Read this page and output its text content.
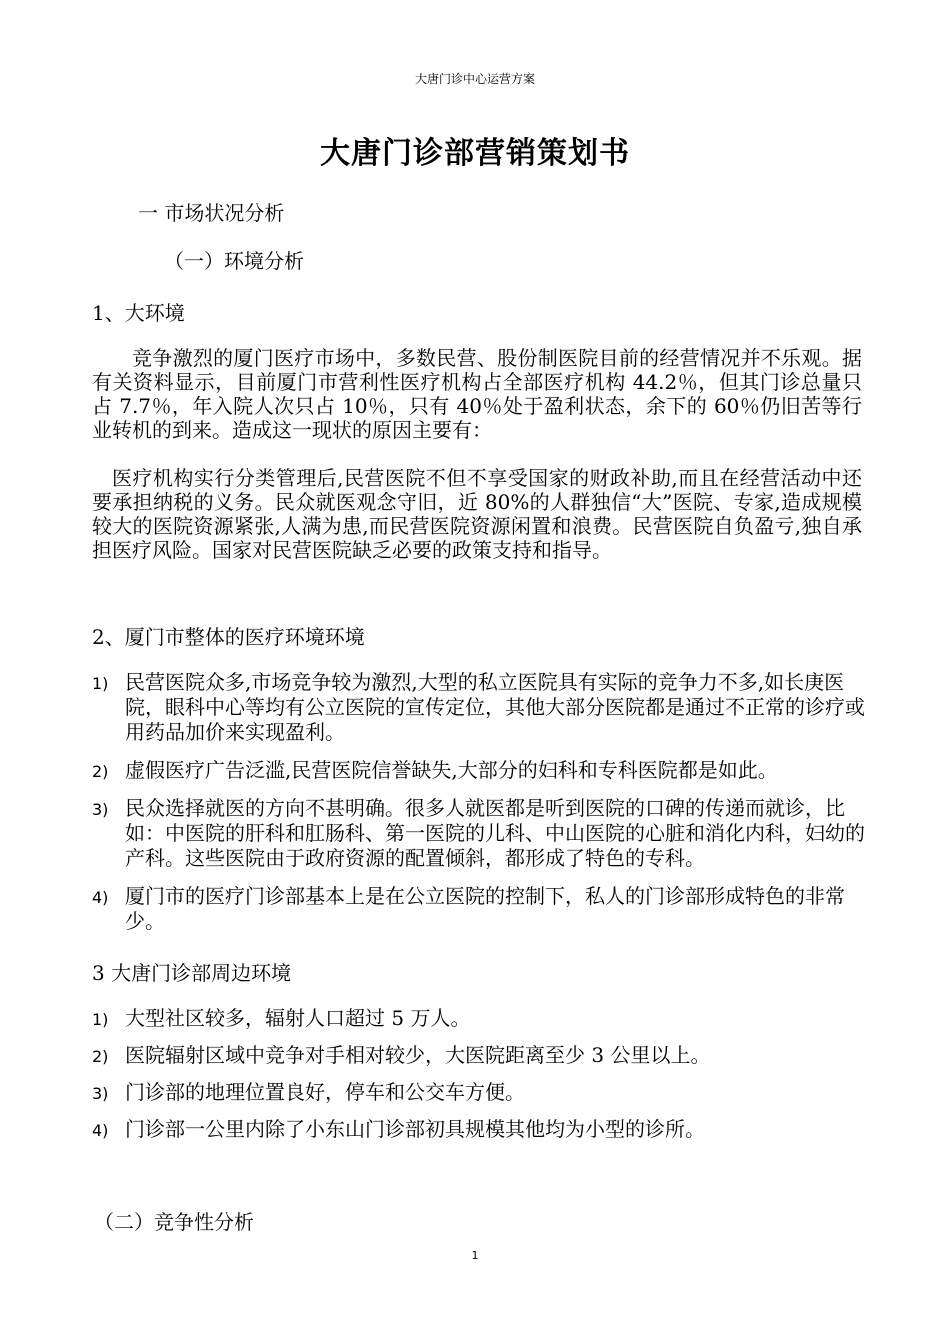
大唐门诊中心运营方案
大唐门诊部营销策划书
一 市场状况分析
（一）环境分析
1、大环境
竞争激烈的厦门医疗市场中，多数民营、股份制医院目前的经营情况并不乐观。据有关资料显示，目前厦门市营利性医疗机构占全部医疗机构 44.2％，但其门诊总量只占 7.7％，年入院人次只占 10％，只有 40％处于盈利状态，余下的 60％仍旧苦等行业转机的到来。造成这一现状的原因主要有：
医疗机构实行分类管理后,民营医院不但不享受国家的财政补助,而且在经营活动中还要承担纳税的义务。民众就医观念守旧，近 80%的人群独信“大”医院、专家,造成规模较大的医院资源紧张,人满为患,而民营医院资源闲置和浪费。民营医院自负盈亏,独自承担医疗风险。国家对民营医院缺乏必要的政策支持和指导。
2、厦门市整体的医疗环境环境
1) 民营医院众多,市场竞争较为激烈,大型的私立医院具有实际的竞争力不多,如长庚医院，眼科中心等均有公立医院的宣传定位，其他大部分医院都是通过不正常的诊疗或用药品加价来实现盈利。
2) 虚假医疗广告泛滥,民营医院信誉缺失,大部分的妇科和专科医院都是如此。
3) 民众选择就医的方向不甚明确。很多人就医都是听到医院的口碑的传递而就诊，比如：中医院的肝科和肛肠科、第一医院的儿科、中山医院的心脏和消化内科，妇幼的产科。这些医院由于政府资源的配置倾斜，都形成了特色的专科。
4) 厦门市的医疗门诊部基本上是在公立医院的控制下，私人的门诊部形成特色的非常少。
3 大唐门诊部周边环境
1) 大型社区较多，辐射人口超过 5 万人。
2) 医院辐射区域中竞争对手相对较少，大医院距离至少 3 公里以上。
3) 门诊部的地理位置良好，停车和公交车方便。
4) 门诊部一公里内除了小东山门诊部初具规模其他均为小型的诊所。
（二）竞争性分析
1
